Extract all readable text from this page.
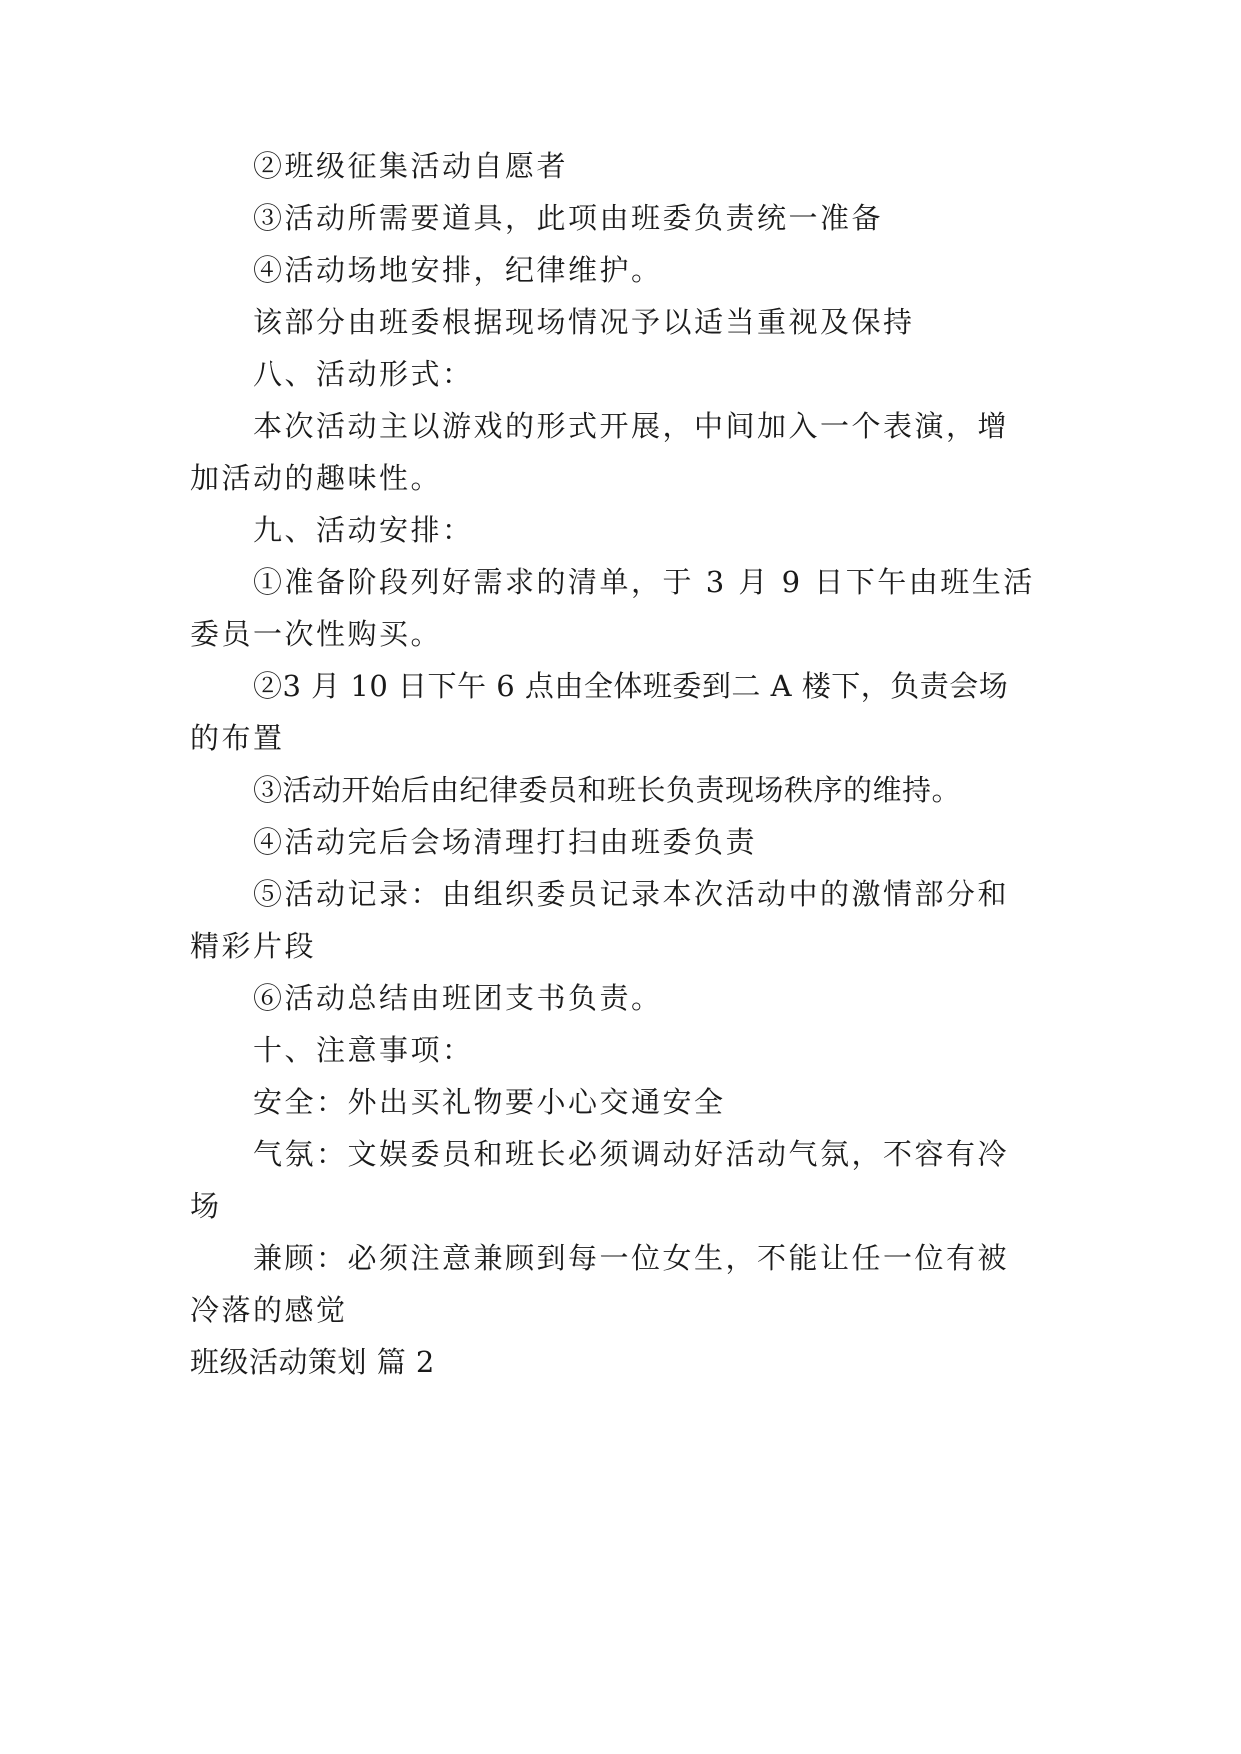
②班级征集活动自愿者
③活动所需要道具，此项由班委负责统一准备
④活动场地安排，纪律维护。
该部分由班委根据现场情况予以适当重视及保持
八、活动形式：
本次活动主以游戏的形式开展，中间加入一个表演，增
加活动的趣味性。
九、活动安排：
①准备阶段列好需求的清单，于 3 月 9 日下午由班生活
委员一次性购买。
②3 月 10 日下午 6 点由全体班委到二 A 楼下，负责会场
的布置
③活动开始后由纪律委员和班长负责现场秩序的维持。
④活动完后会场清理打扫由班委负责
⑤活动记录：由组织委员记录本次活动中的激情部分和
精彩片段
⑥活动总结由班团支书负责。
十、注意事项：
安全：外出买礼物要小心交通安全
气氛：文娱委员和班长必须调动好活动气氛，不容有冷
场
兼顾：必须注意兼顾到每一位女生，不能让任一位有被
冷落的感觉
班级活动策划 篇 2
